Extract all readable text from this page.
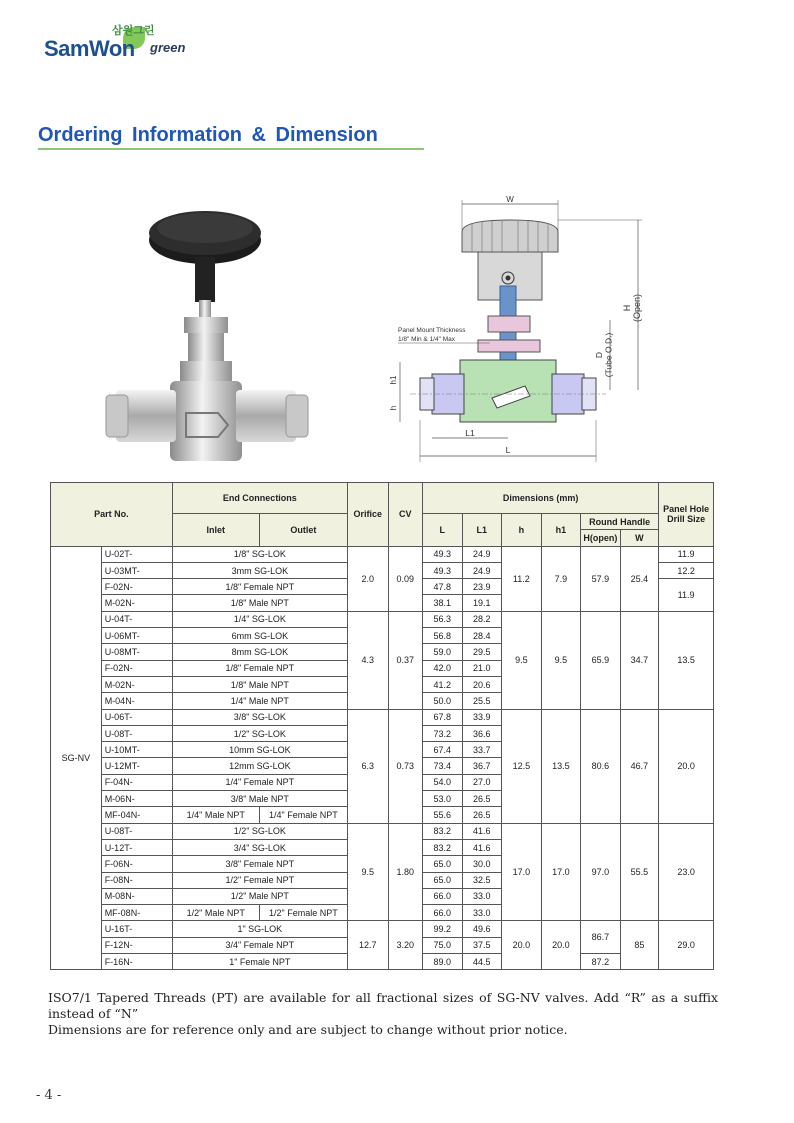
삼원그린
SamWon green
Ordering Information & Dimension
W
Panel Mount Thickness
1/8" Min & 1/4" Max
H(Open)
D(Tube O.D.)
h1
h
L1
L
Part No.		End Connections		Orifice	CV	Dimensions (mm)						Panel Hole Drill Size
		Inlet	Outlet			L	L1	h	h1	Round Handle		
										H(open)	W	
SG-NV	U-02T-	1/8" SG-LOK		2.0	0.09	49.3	24.9	11.2	7.9	57.9	25.4	11.9
	U-03MT-	3mm SG-LOK				49.3	24.9					12.2
	F-02N-	1/8" Female NPT				47.8	23.9					11.9
	M-02N-	1/8" Male NPT				38.1	19.1					
	U-04T-	1/4" SG-LOK		4.3	0.37	56.3	28.2	9.5	9.5	65.9	34.7	13.5
	U-06MT-	6mm SG-LOK				56.8	28.4					
	U-08MT-	8mm SG-LOK				59.0	29.5					
	F-02N-	1/8" Female NPT				42.0	21.0					
	M-02N-	1/8" Male NPT				41.2	20.6					
	M-04N-	1/4" Male NPT				50.0	25.5					
	U-06T-	3/8" SG-LOK		6.3	0.73	67.8	33.9	12.5	13.5	80.6	46.7	20.0
	U-08T-	1/2" SG-LOK				73.2	36.6					
	U-10MT-	10mm SG-LOK				67.4	33.7					
	U-12MT-	12mm SG-LOK				73.4	36.7					
	F-04N-	1/4" Female NPT				54.0	27.0					
	M-06N-	3/8" Male NPT				53.0	26.5					
	MF-04N-	1/4" Male NPT	1/4" Female NPT			55.6	26.5					
	U-08T-	1/2" SG-LOK		9.5	1.80	83.2	41.6	17.0	17.0	97.0	55.5	23.0
	U-12T-	3/4" SG-LOK				83.2	41.6					
	F-06N-	3/8" Female NPT				65.0	30.0					
	F-08N-	1/2" Female NPT				65.0	32.5					
	M-08N-	1/2" Male NPT				66.0	33.0					
	MF-08N-	1/2" Male NPT	1/2" Female NPT			66.0	33.0					
	U-16T-	1" SG-LOK		12.7	3.20	99.2	49.6	20.0	20.0	86.7	85	29.0
	F-12N-	3/4" Female NPT				75.0	37.5					
	F-16N-	1" Female NPT				89.0	44.5			87.2		

ISO7/1 Tapered Threads (PT) are available for all fractional sizes of SG-NV valves. Add “R” as a suffix instead of “N”

Dimensions are for reference only and are subject to change without prior notice.

- 4 -
